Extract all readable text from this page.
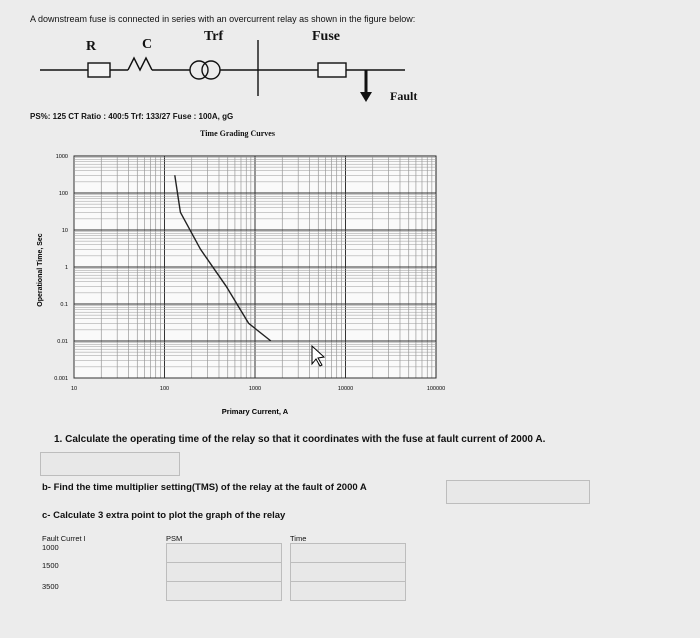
A downstream fuse is connected in series with an overcurrent relay as shown in the figure below:
R	C
Trf	Fuse
Fault
PS%: 125 CT Ratio : 400:5 Trf: 133/27 Fuse : 100A, gG
Time Grading Curves
10	100	1000	10000	100000
1000
100
10
1
0.1
0.01
0.001
Primary Current, A
Operational Time, Sec
1. Calculate the operating time of the relay so that it coordinates with the fuse at fault current of 2000 A.
b- Find the time multiplier setting(TMS) of the relay at the fault of 2000 A
c- Calculate 3 extra point to plot the graph of the relay
Fault Curret I	PSM	Time
1000
1500
3500
